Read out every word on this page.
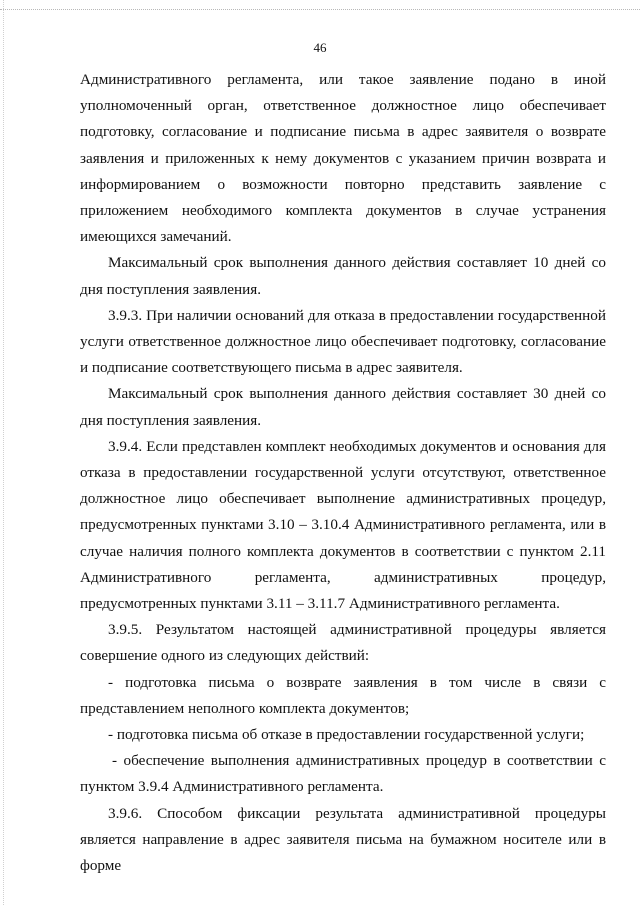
46

Административного регламента, или такое заявление подано в иной уполномоченный орган, ответственное должностное лицо обеспечивает подготовку, согласование и подписание письма в адрес заявителя о возврате заявления и приложенных к нему документов с указанием причин возврата и информированием о возможности повторно представить заявление с приложением необходимого комплекта документов в случае устранения имеющихся замечаний.

Максимальный срок выполнения данного действия составляет 10 дней со дня поступления заявления.

3.9.3. При наличии оснований для отказа в предоставлении государственной услуги ответственное должностное лицо обеспечивает подготовку, согласование и подписание соответствующего письма в адрес заявителя.

Максимальный срок выполнения данного действия составляет 30 дней со дня поступления заявления.

3.9.4. Если представлен комплект необходимых документов и основания для отказа в предоставлении государственной услуги отсутствуют, ответственное должностное лицо обеспечивает выполнение административных процедур, предусмотренных пунктами 3.10 – 3.10.4 Административного регламента, или в случае наличия полного комплекта документов в соответствии с пунктом 2.11 Административного регламента, административных процедур, предусмотренных пунктами 3.11 – 3.11.7 Административного регламента.

3.9.5. Результатом настоящей административной процедуры является совершение одного из следующих действий:

- подготовка письма о возврате заявления в том числе в связи с представлением неполного комплекта документов;

- подготовка письма об отказе в предоставлении государственной услуги;

- обеспечение выполнения административных процедур в соответствии с пунктом 3.9.4 Административного регламента.

3.9.6. Способом фиксации результата административной процедуры является направление в адрес заявителя письма на бумажном носителе или в форме
